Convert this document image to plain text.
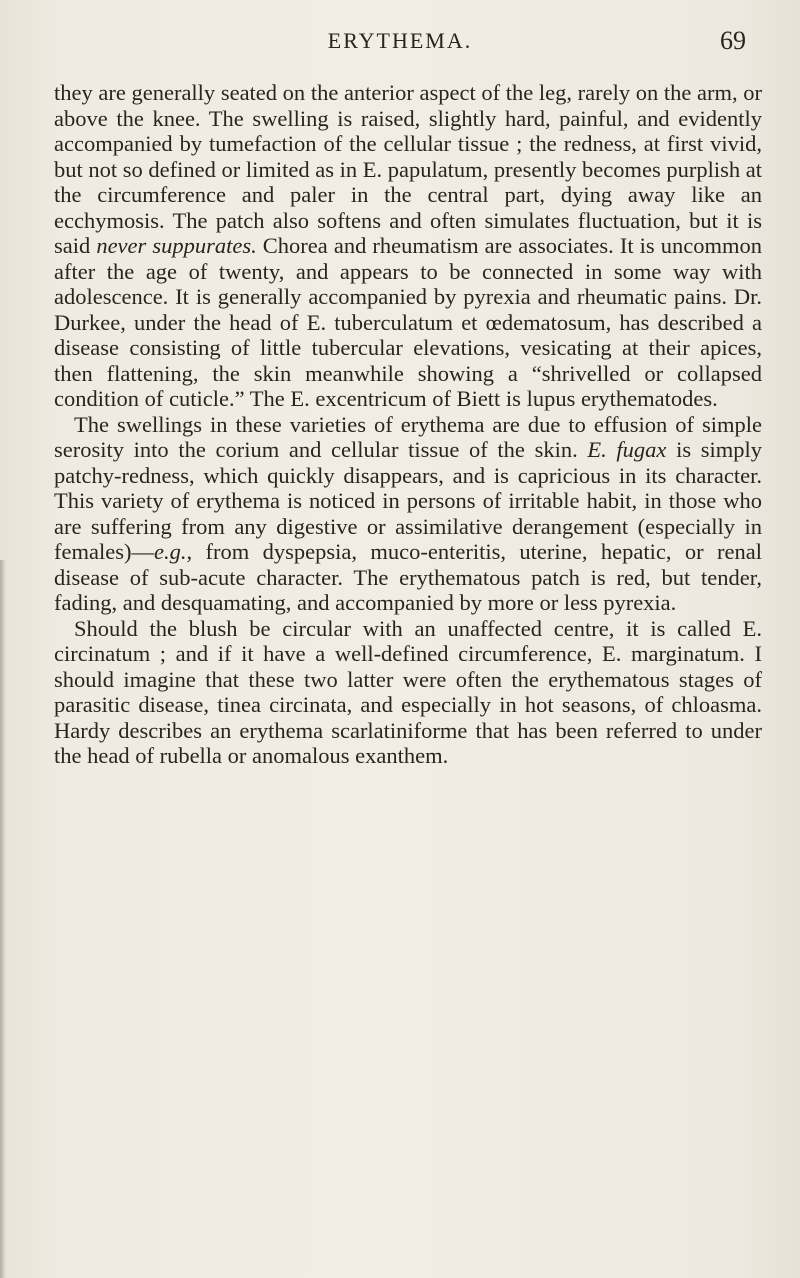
ERYTHEMA.	69

they are generally seated on the anterior aspect of the leg, rarely on the arm, or above the knee. The swelling is raised, slightly hard, painful, and evidently accompanied by tumefaction of the cellular tissue ; the redness, at first vivid, but not so defined or limited as in E. papulatum, presently becomes purplish at the circumference and paler in the central part, dying away like an ecchymosis. The patch also softens and often simulates fluctuation, but it is said never suppurates. Chorea and rheumatism are associates. It is uncommon after the age of twenty, and appears to be connected in some way with adolescence. It is generally accompanied by pyrexia and rheumatic pains. Dr. Durkee, under the head of E. tuberculatum et œdematosum, has described a disease consisting of little tubercular elevations, vesicating at their apices, then flattening, the skin meanwhile showing a “shrivelled or collapsed condition of cuticle.” The E. excentricum of Biett is lupus erythematodes.

The swellings in these varieties of erythema are due to effusion of simple serosity into the corium and cellular tissue of the skin. E. fugax is simply patchy-redness, which quickly disappears, and is capricious in its character. This variety of erythema is noticed in persons of irritable habit, in those who are suffering from any digestive or assimilative derangement (especially in females)—e.g., from dyspepsia, muco-enteritis, uterine, hepatic, or renal disease of sub-acute character. The erythematous patch is red, but tender, fading, and desquamating, and accompanied by more or less pyrexia.

Should the blush be circular with an unaffected centre, it is called E. circinatum ; and if it have a well-defined circumference, E. marginatum. I should imagine that these two latter were often the erythematous stages of parasitic disease, tinea circinata, and especially in hot seasons, of chloasma. Hardy describes an erythema scarlatiniforme that has been referred to under the head of rubella or anomalous exanthem.
